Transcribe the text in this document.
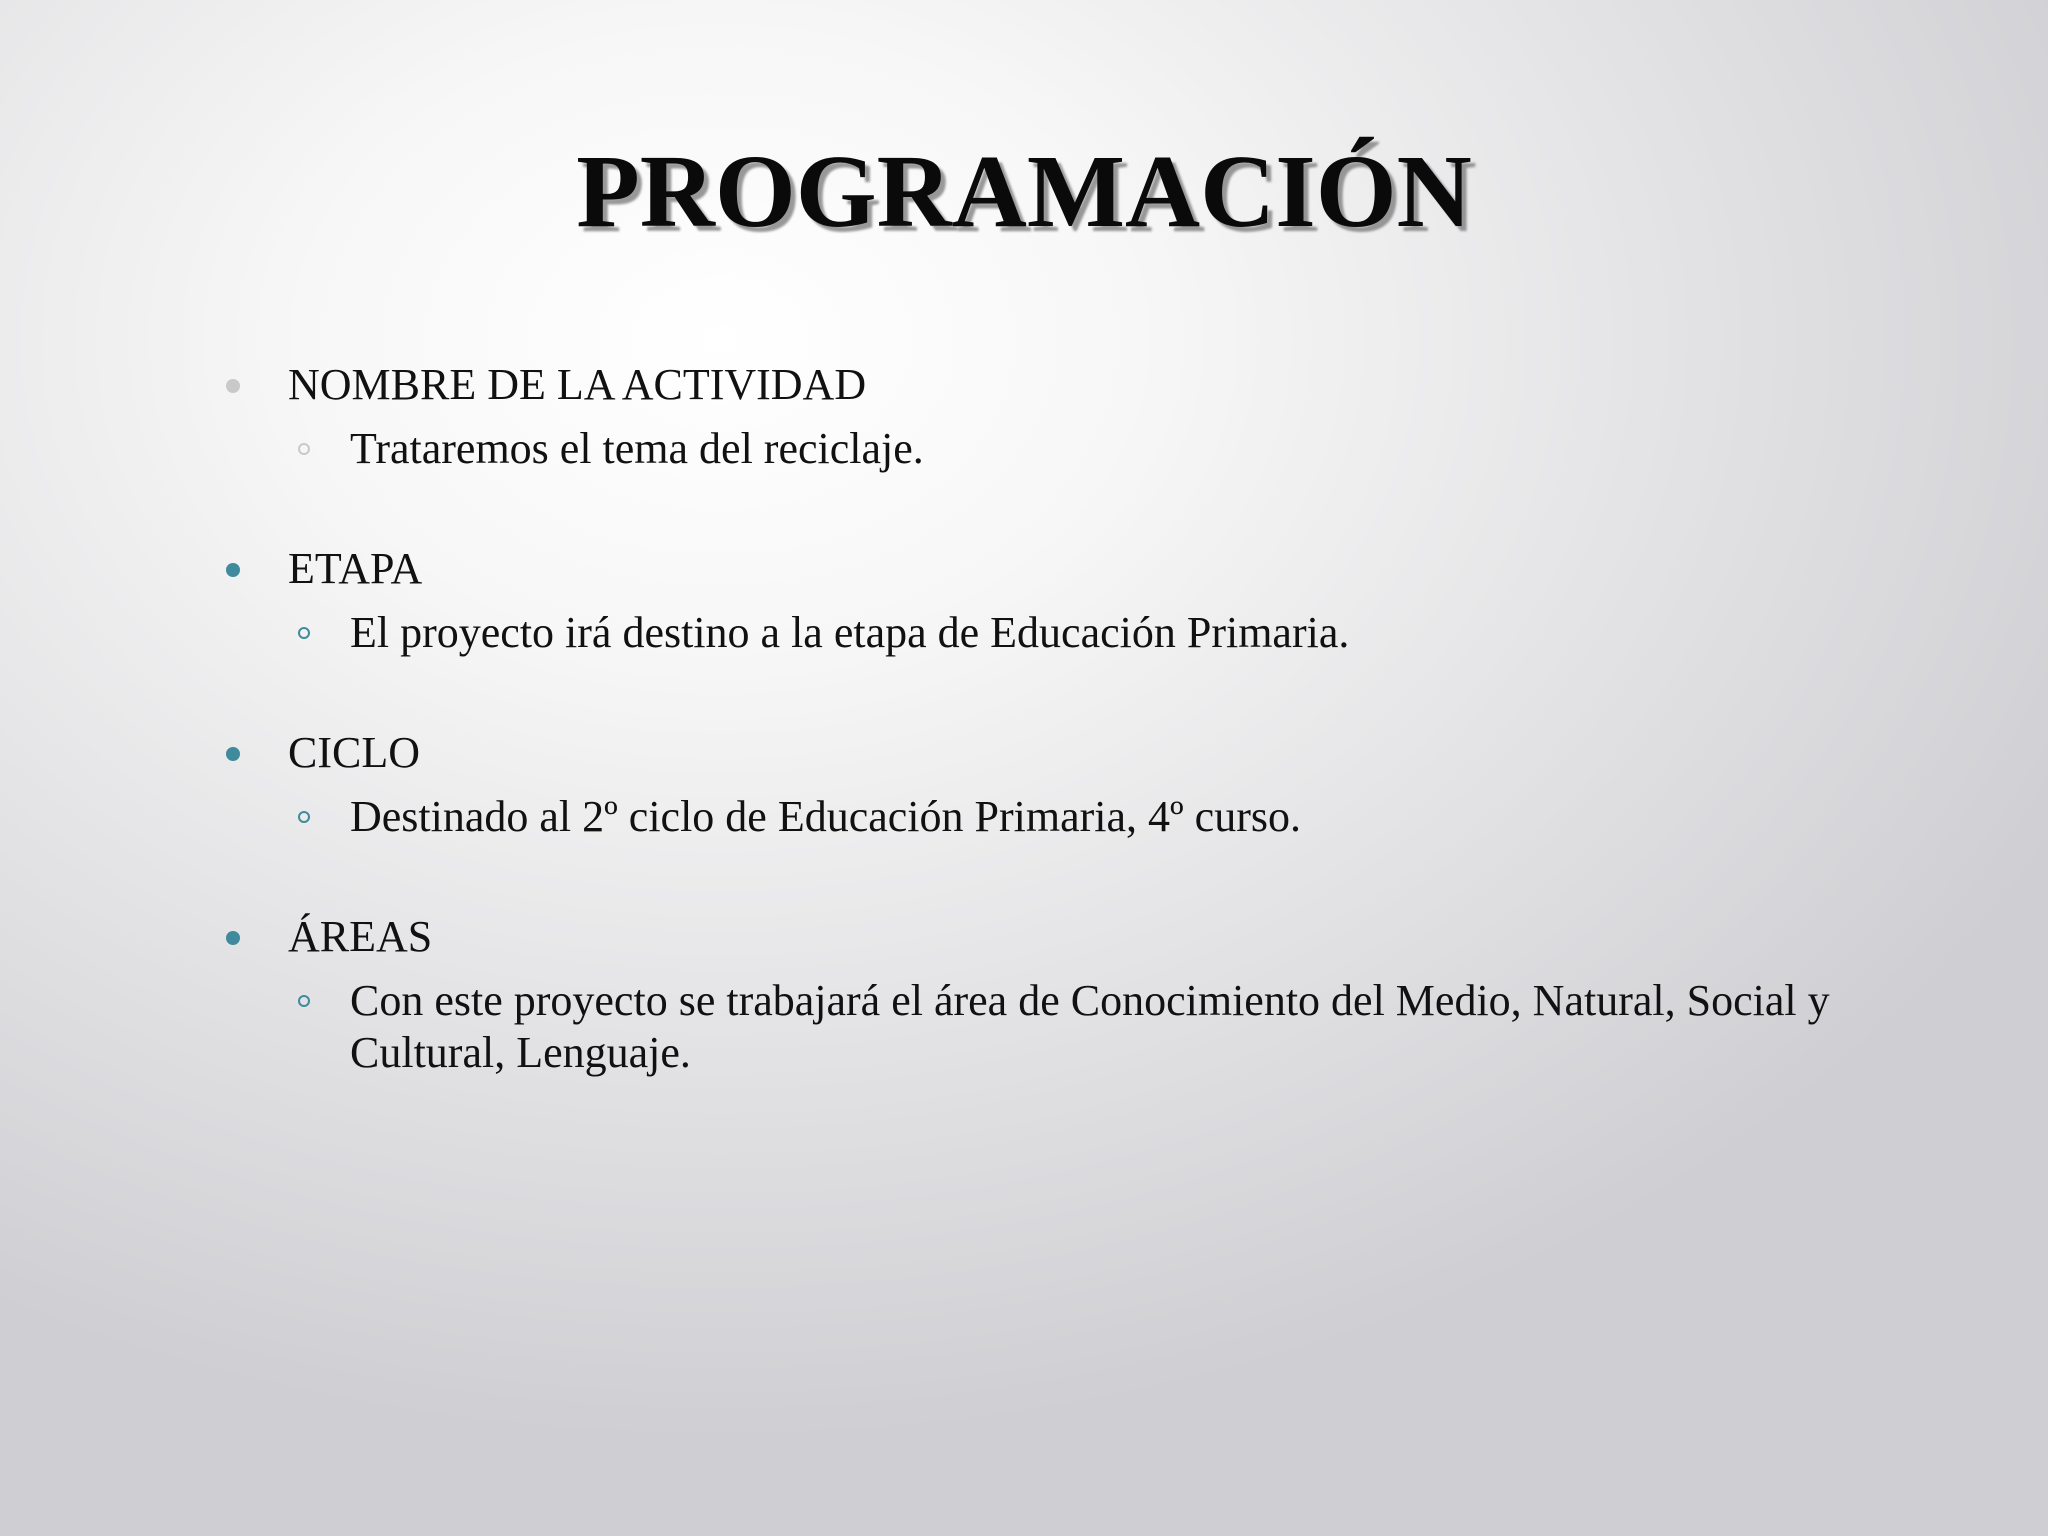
PROGRAMACIÓN
NOMBRE DE LA ACTIVIDAD
Trataremos el tema del reciclaje.
ETAPA
El proyecto irá destino a la etapa de Educación Primaria.
CICLO
Destinado al 2º ciclo de Educación Primaria, 4º curso.
ÁREAS
Con este proyecto se trabajará el área de Conocimiento del Medio, Natural, Social y Cultural, Lenguaje.
